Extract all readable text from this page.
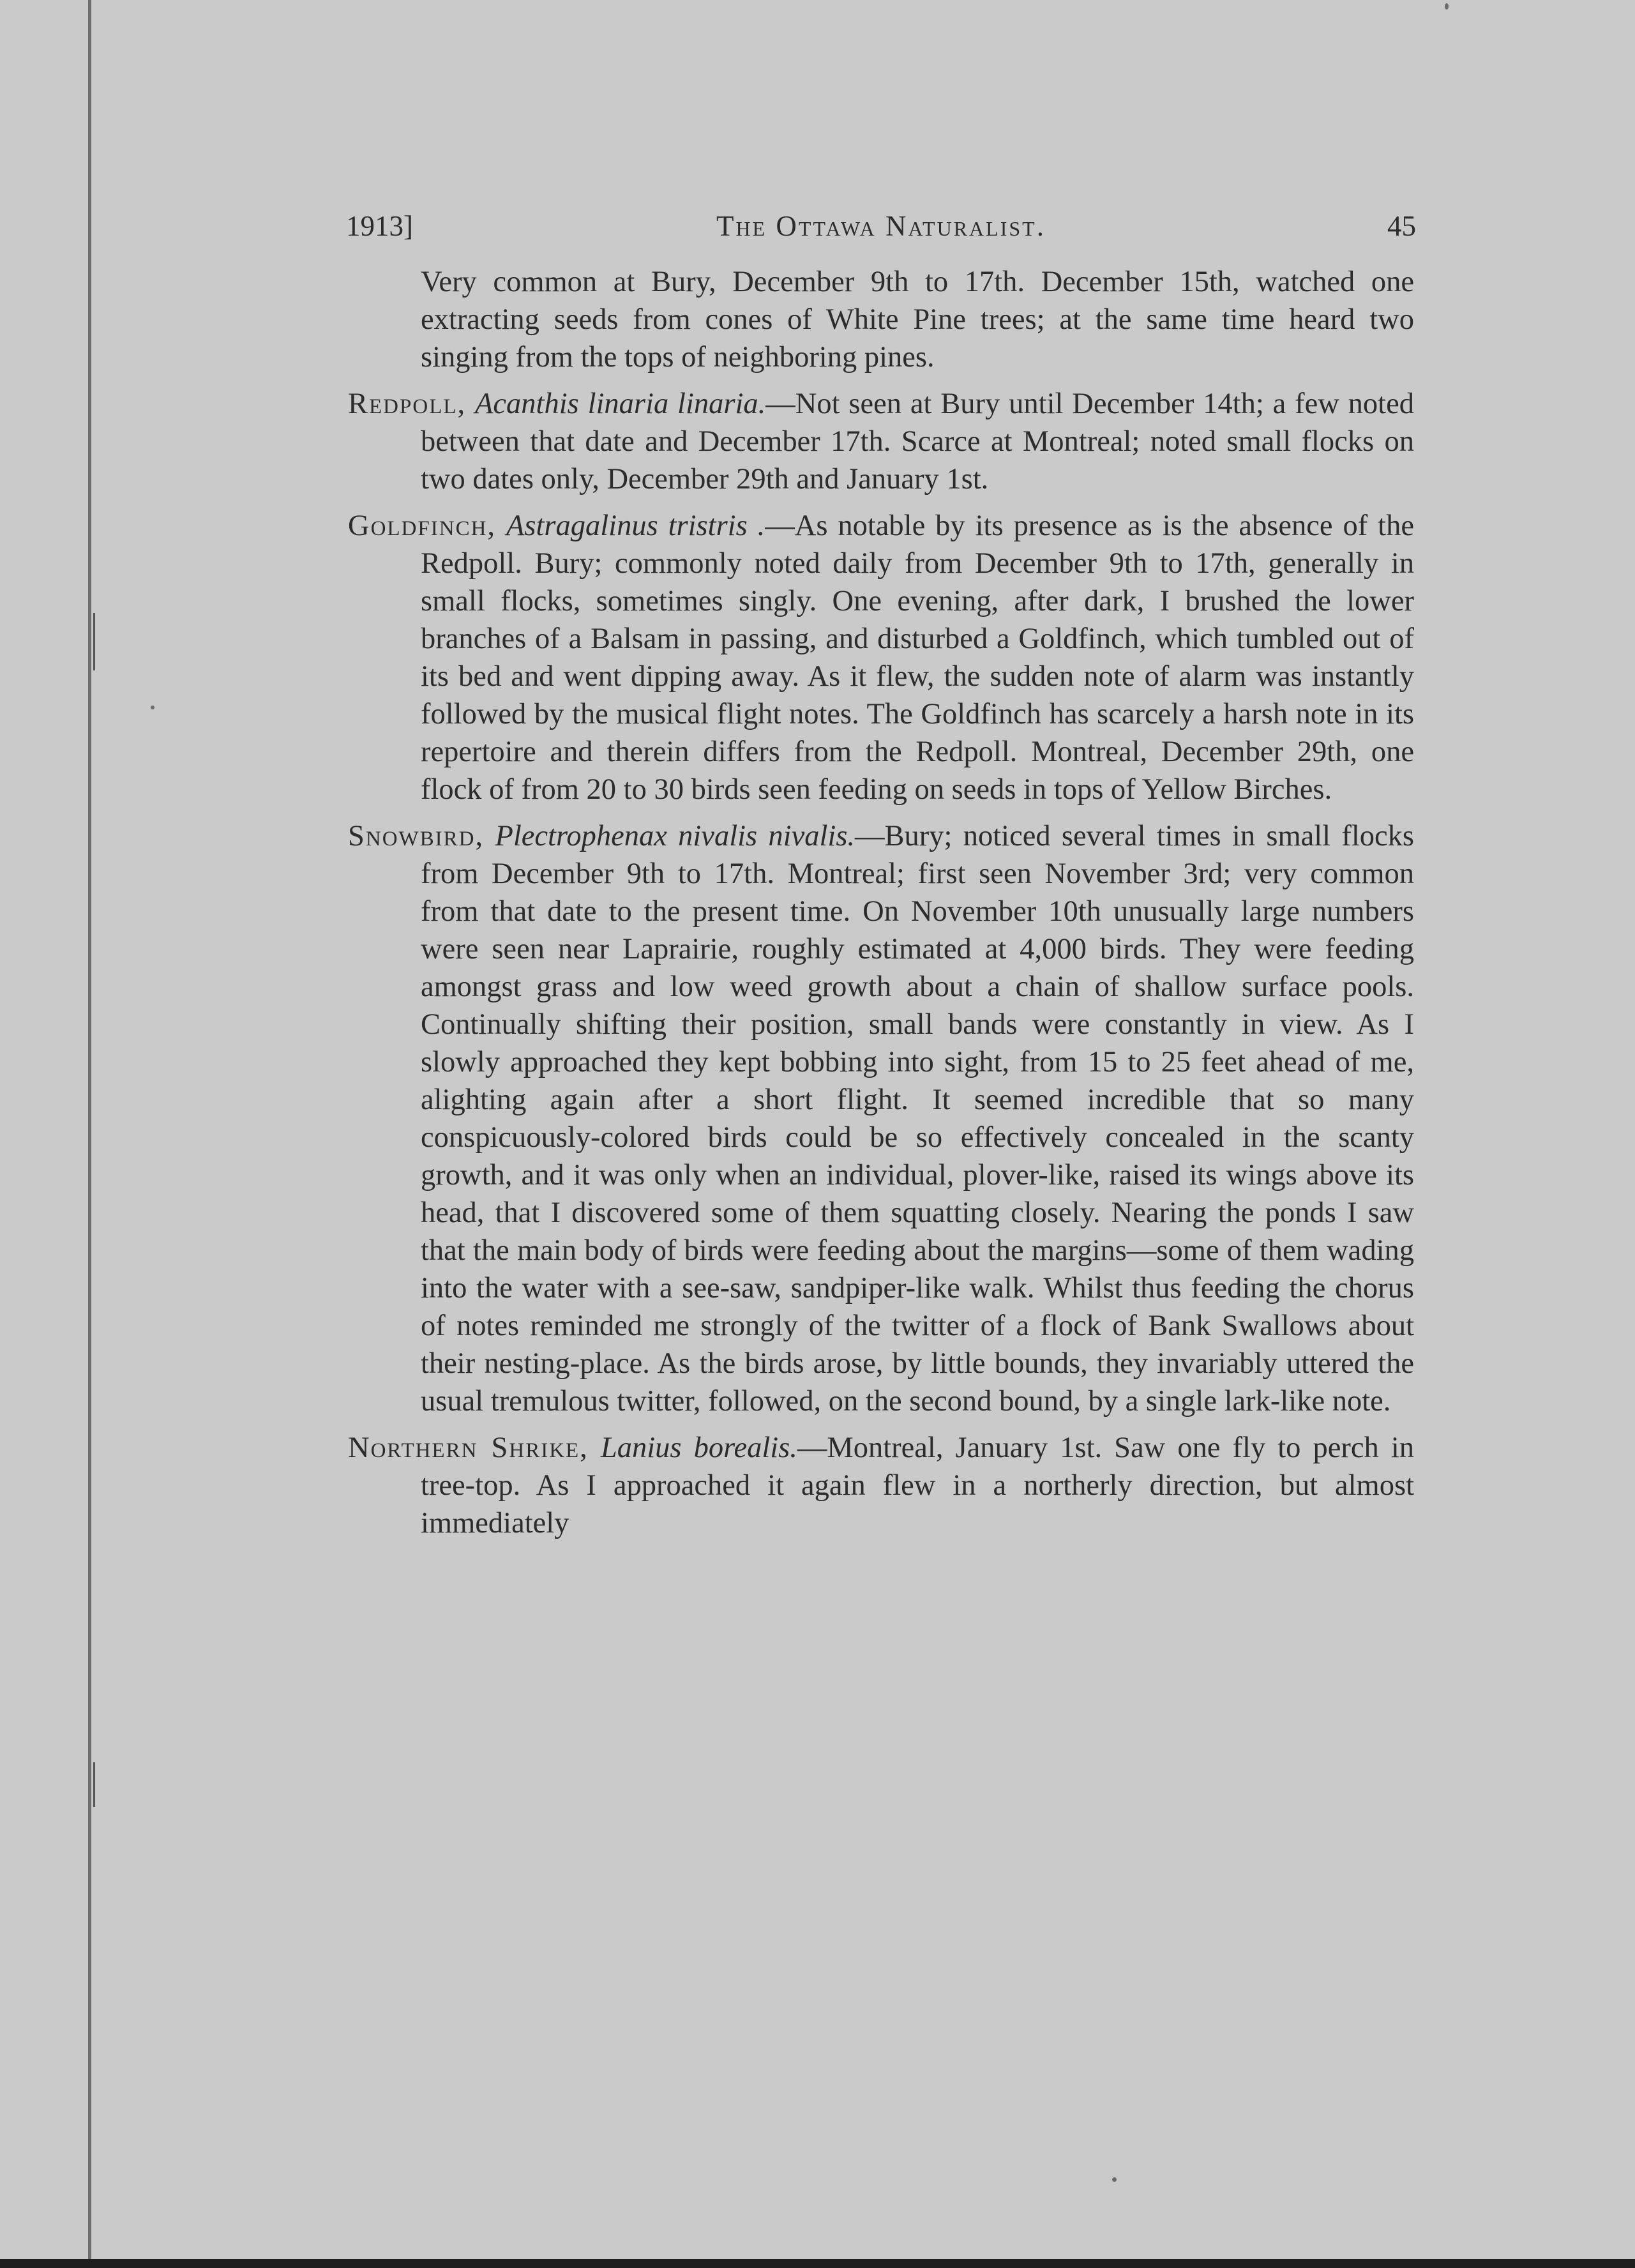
1913]	The Ottawa Naturalist.	45

Very common at Bury, December 9th to 17th. December 15th, watched one extracting seeds from cones of White Pine trees; at the same time heard two singing from the tops of neighboring pines.

Redpoll, Acanthis linaria linaria.—Not seen at Bury until December 14th; a few noted between that date and December 17th. Scarce at Montreal; noted small flocks on two dates only, December 29th and January 1st.

Goldfinch, Astragalinus tristris .—As notable by its presence as is the absence of the Redpoll. Bury; commonly noted daily from December 9th to 17th, generally in small flocks, sometimes singly. One evening, after dark, I brushed the lower branches of a Balsam in passing, and disturbed a Goldfinch, which tumbled out of its bed and went dipping away. As it flew, the sudden note of alarm was instantly followed by the musical flight notes. The Goldfinch has scarcely a harsh note in its repertoire and therein differs from the Redpoll. Montreal, December 29th, one flock of from 20 to 30 birds seen feeding on seeds in tops of Yellow Birches.

Snowbird, Plectrophenax nivalis nivalis.—Bury; noticed several times in small flocks from December 9th to 17th. Montreal; first seen November 3rd; very common from that date to the present time. On November 10th unusually large numbers were seen near Laprairie, roughly estimated at 4,000 birds. They were feeding amongst grass and low weed growth about a chain of shallow surface pools. Continually shifting their position, small bands were constantly in view. As I slowly approached they kept bobbing into sight, from 15 to 25 feet ahead of me, alighting again after a short flight. It seemed incredible that so many conspicuously-colored birds could be so effectively concealed in the scanty growth, and it was only when an individual, plover-like, raised its wings above its head, that I discovered some of them squatting closely. Nearing the ponds I saw that the main body of birds were feeding about the margins—some of them wading into the water with a see-saw, sandpiper-like walk. Whilst thus feeding the chorus of notes reminded me strongly of the twitter of a flock of Bank Swallows about their nesting-place. As the birds arose, by little bounds, they invariably uttered the usual tremulous twitter, followed, on the second bound, by a single lark-like note.

Northern Shrike, Lanius borealis.—Montreal, January 1st. Saw one fly to perch in tree-top. As I approached it again flew in a northerly direction, but almost immediately
